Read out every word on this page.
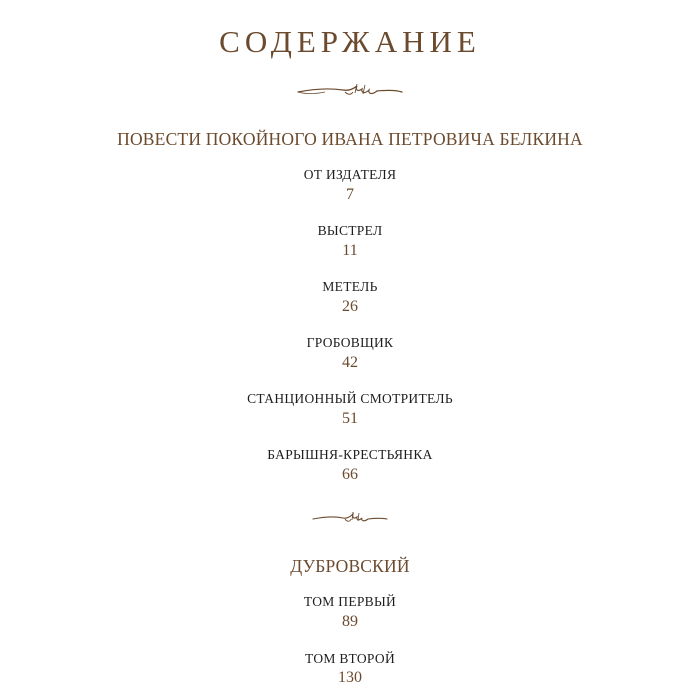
СОДЕРЖАНИЕ
ПОВЕСТИ ПОКОЙНОГО ИВАНА ПЕТРОВИЧА БЕЛКИНА
ОТ ИЗДАТЕЛЯ
7
ВЫСТРЕЛ
11
МЕТЕЛЬ
26
ГРОБОВЩИК
42
СТАНЦИОННЫЙ СМОТРИТЕЛЬ
51
БАРЫШНЯ-КРЕСТЬЯНКА
66
ДУБРОВСКИЙ
ТОМ ПЕРВЫЙ
89
ТОМ ВТОРОЙ
130
